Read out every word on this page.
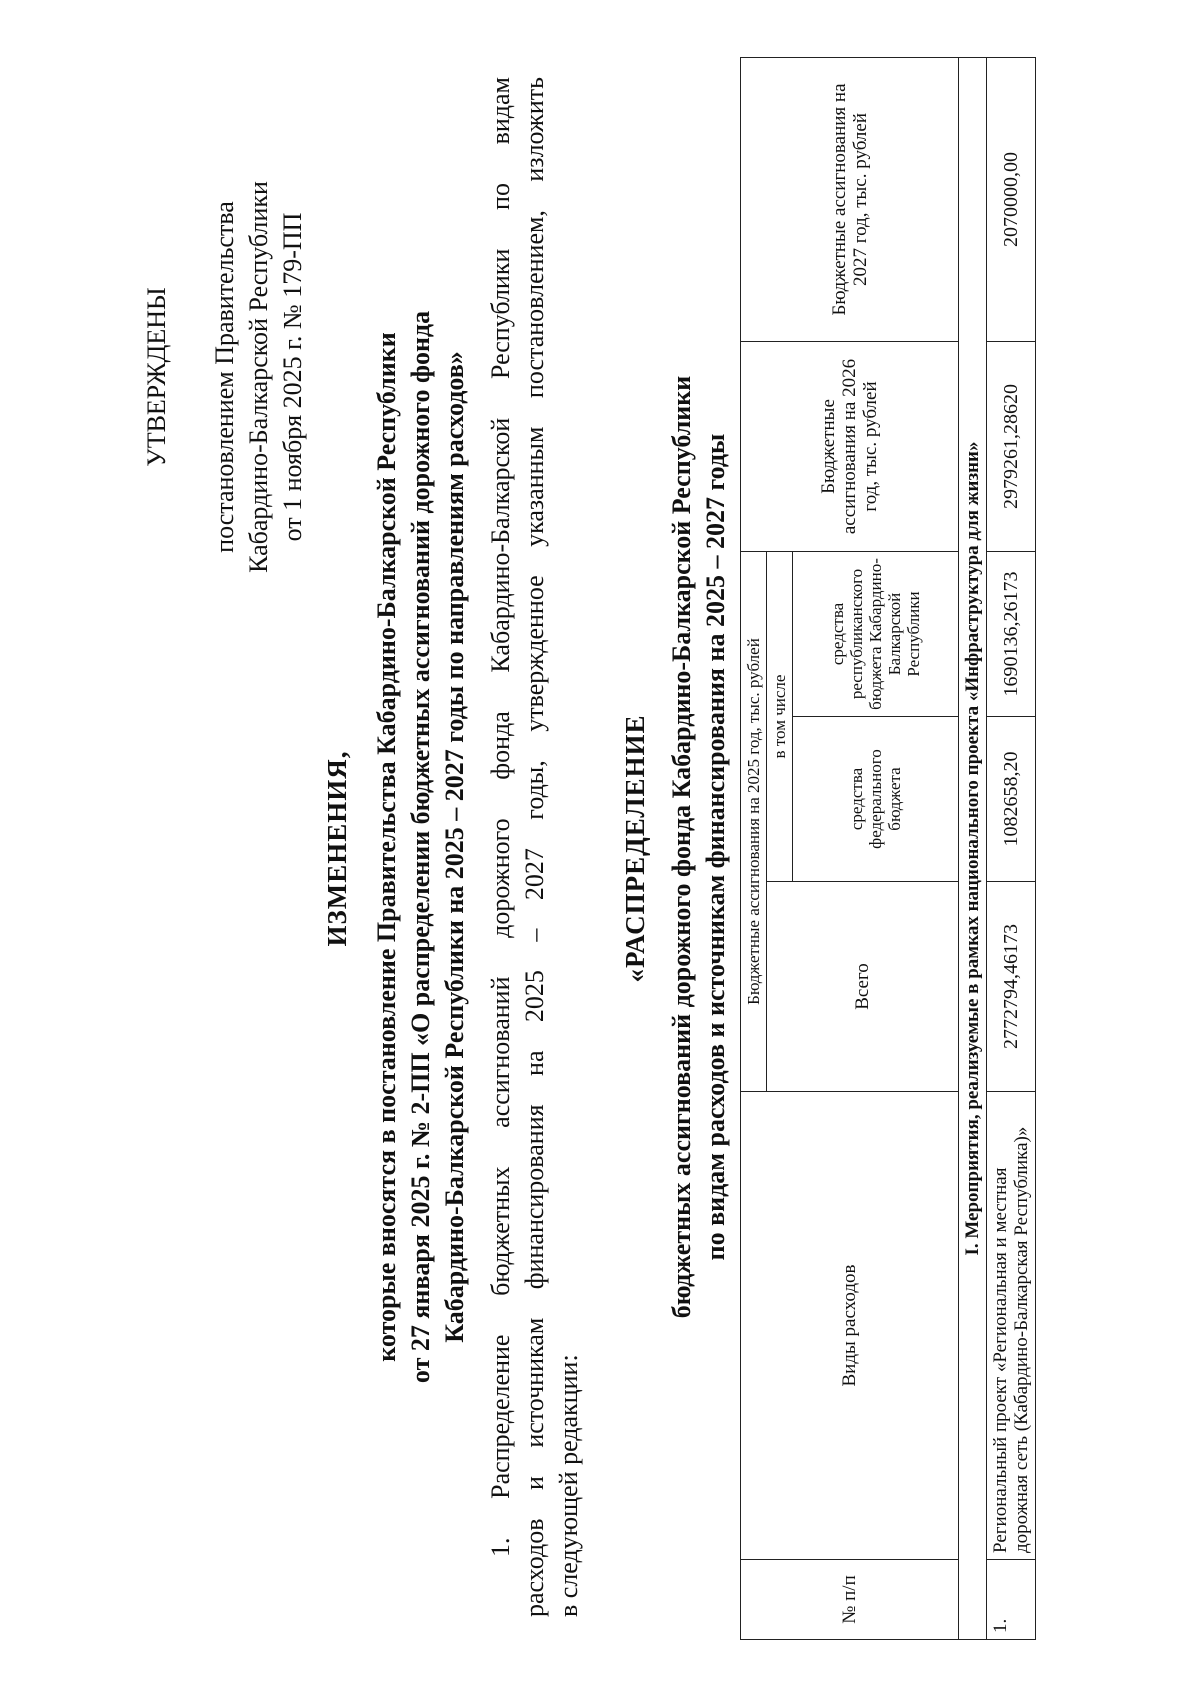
УТВЕРЖДЕНЫ постановлением Правительства Кабардино-Балкарской Республики от 1 ноября 2025 г. № 179-ПП
ИЗМЕНЕНИЯ, которые вносятся в постановление Правительства Кабардино-Балкарской Республики от 27 января 2025 г. № 2-ПП «О распределении бюджетных ассигнований дорожного фонда Кабардино-Балкарской Республики на 2025 – 2027 годы по направлениям расходов» 1. Распределение бюджетных ассигнований дорожного фонда Кабардино-Балкарской Республики по видам расходов и источникам финансирования на 2025 – 2027 годы, утвержденное указанным постановлением, изложить в следующей редакции:
«РАСПРЕДЕЛЕНИЕ бюджетных ассигнований дорожного фонда Кабардино-Балкарской Республики по видам расходов и источникам финансирования на 2025 – 2027 годы
№ п/п	Виды расходов	Бюджетные ассигнования на 2025 год, тыс. рублей			Бюджетные ассигнования на 2026 год, тыс. рублей	Бюджетные ассигнования на 2027 год, тыс. рублей
		Всего	в том числе			
			средства федерального бюджета	средства республиканского бюджета Кабардино-Балкарской Республики		
I. Мероприятия, реализуемые в рамках национального проекта «Инфраструктура для жизни»						
1.	Региональный проект «Региональная и местная дорожная сеть (Кабардино-Балкарская Республика)»	2772794,46173	1082658,20	1690136,26173	2979261,28620	2070000,00
